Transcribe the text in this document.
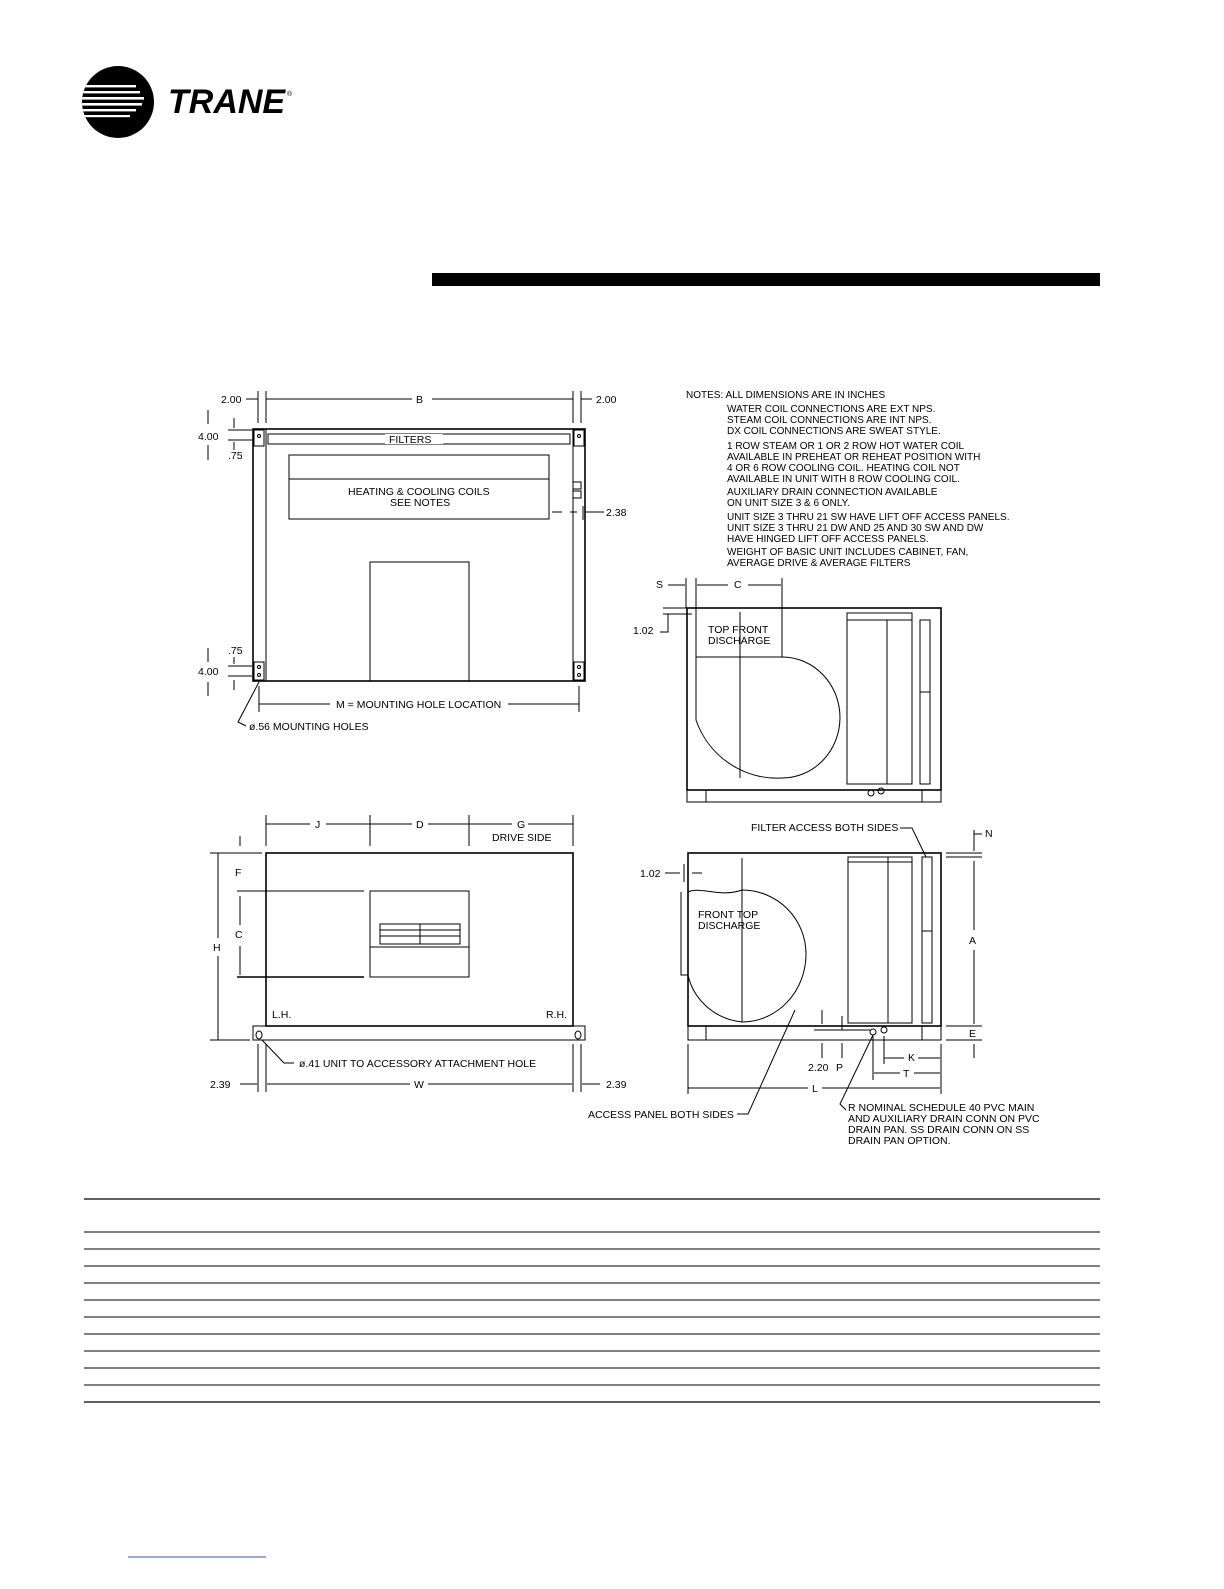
TRANE ®
2.00	B	2.00
FILTERS
HEATING & COOLING COILS
SEE NOTES
2.38
4.00
.75
.75
4.00
M = MOUNTING HOLE LOCATION
ø.56 MOUNTING HOLES
NOTES: ALL DIMENSIONS ARE IN INCHES
WATER COIL CONNECTIONS ARE EXT NPS.
STEAM COIL CONNECTIONS ARE INT NPS.
DX COIL CONNECTIONS ARE SWEAT STYLE.
1 ROW STEAM OR 1 OR 2 ROW HOT WATER COIL
AVAILABLE IN PREHEAT OR REHEAT POSITION WITH
4 OR 6 ROW COOLING COIL. HEATING COIL NOT
AVAILABLE IN UNIT WITH 8 ROW COOLING COIL.
AUXILIARY DRAIN CONNECTION AVAILABLE
ON UNIT SIZE 3 & 6 ONLY.
UNIT SIZE 3 THRU 21 SW HAVE LIFT OFF ACCESS PANELS.
UNIT SIZE 3 THRU 21 DW AND 25 AND 30 SW AND DW
HAVE HINGED LIFT OFF ACCESS PANELS.
WEIGHT OF BASIC UNIT INCLUDES CABINET, FAN,
AVERAGE DRIVE & AVERAGE FILTERS
S	C
1.02	TOP FRONT
DISCHARGE
J	D	G
DRIVE SIDE
F
C
H
L.H.	R.H.
ø.41 UNIT TO ACCESSORY ATTACHMENT HOLE
2.39	W	2.39
FILTER ACCESS BOTH SIDES	N
1.02
FRONT TOP
DISCHARGE
A
E
2.20 P
K
T
L
ACCESS PANEL BOTH SIDES
R NOMINAL SCHEDULE 40 PVC MAIN
AND AUXILIARY DRAIN CONN ON PVC
DRAIN PAN. SS DRAIN CONN ON SS
DRAIN PAN OPTION.
